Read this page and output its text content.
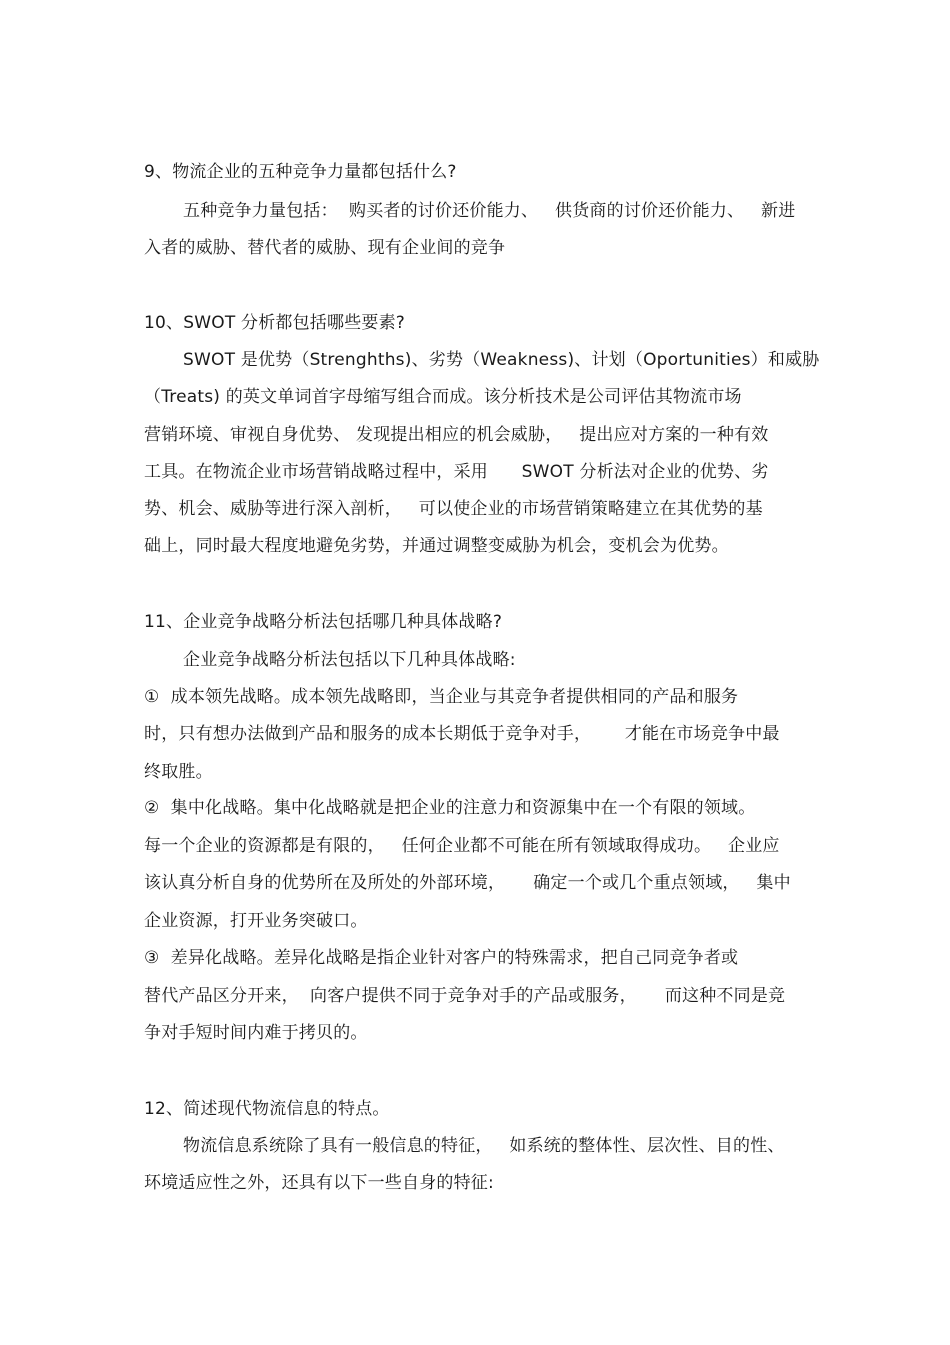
9、物流企业的五种竞争力量都包括什么?
五种竞争力量包括：  购买者的讨价还价能力、   供货商的讨价还价能力、   新进
入者的威胁、替代者的威胁、现有企业间的竞争
10、SWOT 分析都包括哪些要素?
SWOT 是优势（Strenghths)、劣势（Weakness)、计划（Oportunities）和威胁
（Treats) 的英文单词首字母缩写组合而成。该分析技术是公司评估其物流市场
营销环境、审视自身优势、 发现提出相应的机会威胁，   提出应对方案的一种有效
工具。在物流企业市场营销战略过程中，采用      SWOT 分析法对企业的优势、劣
势、机会、威胁等进行深入剖析，   可以使企业的市场营销策略建立在其优势的基
础上，同时最大程度地避免劣势，并通过调整变威胁为机会，变机会为优势。
11、企业竞争战略分析法包括哪几种具体战略?
企业竞争战略分析法包括以下几种具体战略:
①  成本领先战略。成本领先战略即，当企业与其竞争者提供相同的产品和服务
时，只有想办法做到产品和服务的成本长期低于竞争对手，      才能在市场竞争中最
终取胜。
②  集中化战略。集中化战略就是把企业的注意力和资源集中在一个有限的领域。
每一个企业的资源都是有限的，   任何企业都不可能在所有领域取得成功。   企业应
该认真分析自身的优势所在及所处的外部环境，     确定一个或几个重点领域，   集中
企业资源，打开业务突破口。
③  差异化战略。差异化战略是指企业针对客户的特殊需求，把自己同竞争者或
替代产品区分开来，  向客户提供不同于竞争对手的产品或服务，     而这种不同是竞
争对手短时间内难于拷贝的。
12、简述现代物流信息的特点。
物流信息系统除了具有一般信息的特征，   如系统的整体性、层次性、目的性、
环境适应性之外，还具有以下一些自身的特征:
